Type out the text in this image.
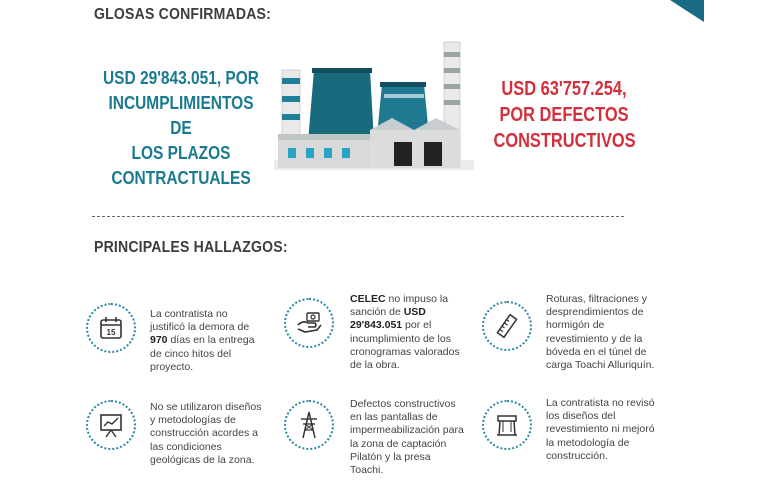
GLOSAS CONFIRMADAS:
USD 29'843.051, POR
INCUMPLIMIENTOS DE
LOS PLAZOS
CONTRACTUALES
USD 63'757.254,
POR DEFECTOS
CONSTRUCTIVOS
PRINCIPALES HALLAZGOS:
15
La contratista no justificó la demora de 970 días en la entrega de cinco hitos del proyecto.
CELEC no impuso la sanción de USD 29'843.051 por el incumplimiento de los cronogramas valorados de la obra.
Roturas, filtraciones y desprendimientos de hormigón de revestimiento y de la bóveda en el túnel de carga Toachi Alluriquín.
No se utilizaron diseños y metodologías de construcción acordes a las condiciones geológicas de la zona.
Defectos constructivos en las pantallas de impermeabilización para la zona de captación Pilatón y la presa Toachi.
La contratista no revisó los diseños del revestimiento ni mejoró la metodología de construcción.
